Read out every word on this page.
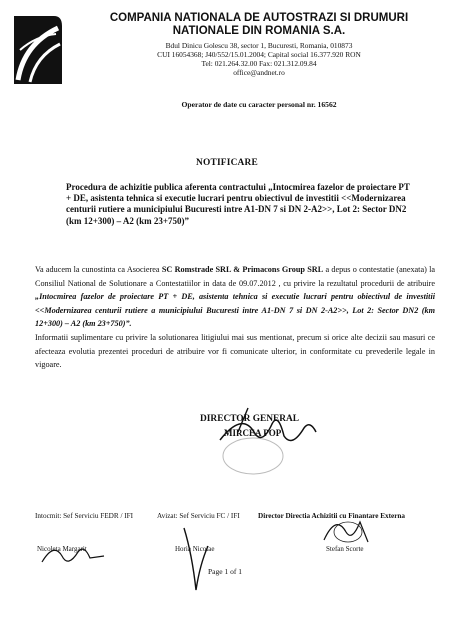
COMPANIA NATIONALA DE AUTOSTRAZI SI DRUMURI
NATIONALE DIN ROMANIA S.A.
Bdul Dinicu Golescu 38, sector 1, Bucuresti, Romania, 010873
CUI 16054368; J40/552/15.01.2004; Capital social 16.377.920 RON
Tel: 021.264.32.00 Fax: 021.312.09.84
office@andnet.ro
Operator de date cu caracter personal nr. 16562
NOTIFICARE
Procedura de achizitie publica aferenta contractului „Intocmirea fazelor de proiectare PT + DE, asistenta tehnica si executie lucrari pentru obiectivul de investitii <<Modernizarea centurii rutiere a municipiului Bucuresti intre A1-DN 7 si DN 2-A2>>, Lot 2: Sector DN2 (km 12+300) – A2 (km 23+750)”

Va aducem la cunostinta ca Asocierea SC Romstrade SRL & Primacons Group SRL a depus o contestatie (anexata) la Consiliul National de Solutionare a Contestatiilor in data de 09.07.2012 , cu privire la rezultatul procedurii de atribuire „Intocmirea fazelor de proiectare PT + DE, asistenta tehnica si executie lucrari pentru obiectivul de investitii <<Modernizarea centurii rutiere a municipiului Bucuresti intre A1-DN 7 si DN 2-A2>>, Lot 2: Sector DN2 (km 12+300) – A2 (km 23+750)”.

Informatii suplimentare cu privire la solutionarea litigiului mai sus mentionat, precum si orice alte decizii sau masuri ce afecteaza evolutia prezentei proceduri de atribuire vor fi comunicate ulterior, in conformitate cu prevederile legale in vigoare.

DIRECTOR GENERAL
MIRCEA POP
Intocmit: Sef Serviciu FEDR / IFI	Avizat: Sef Serviciu FC / IFI	Director Directia Achizitii cu Finantare Externa
Nicoleta Margarit	Horia Nicolae	Stefan Scorte
Page 1 of 1
